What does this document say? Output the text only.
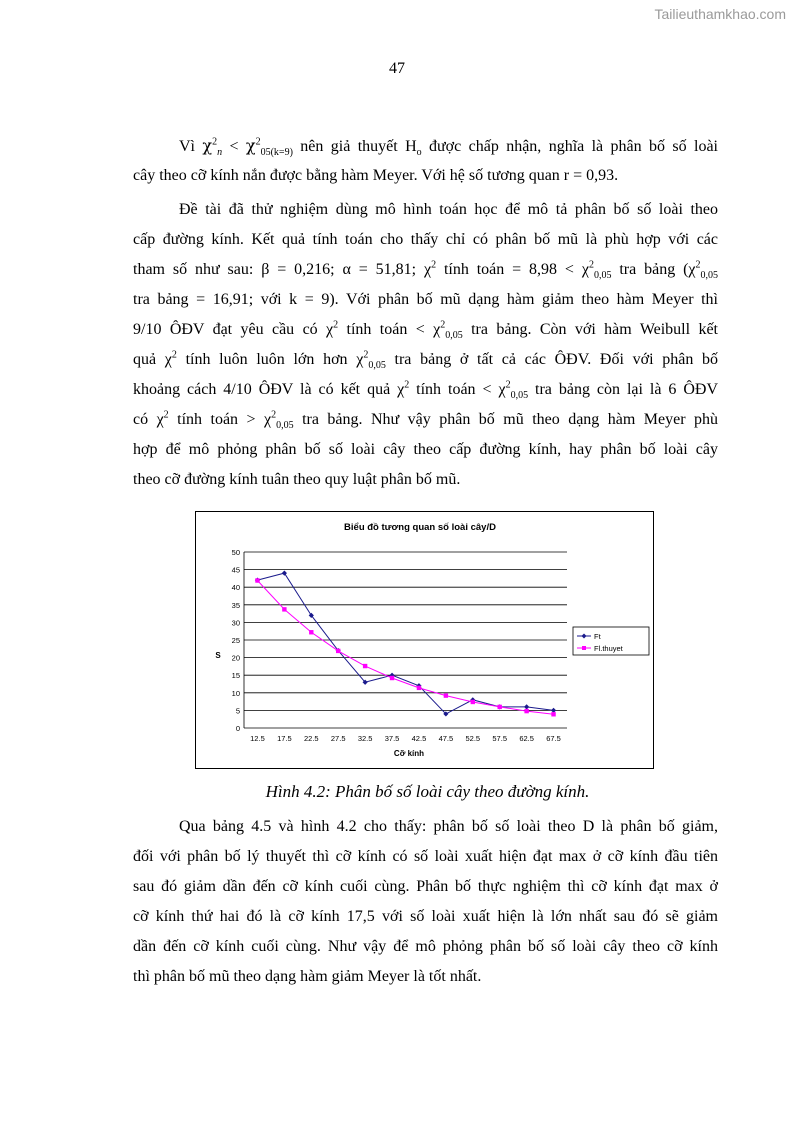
Tailieuthamkhao.com
47
Vì $\chi^2_n < \chi^2_{05(k=9)}$ nên giả thuyết $H_o$ được chấp nhận, nghĩa là phân bố số loài
cây theo cỡ kính nắn được bằng hàm Meyer. Với hệ số tương quan r = 0,93.
Đề tài đã thử nghiệm dùng mô hình toán học để mô tả phân bố số loài theo
cấp đường kính. Kết quả tính toán cho thấy chỉ có phân bố mũ là phù hợp với các
tham số như sau: β = 0,216; α = 51,81; $\chi^2$ tính toán = $8,98 < \chi^2_{0,05}$ tra bảng ($\chi^2_{0,05}$
tra bảng = 16,91; với k = 9). Với phân bố mũ dạng hàm giảm theo hàm Meyer thì
9/10 ÔĐV đạt yêu cầu có $\chi^2$ tính toán < $\chi^2_{0,05}$ tra bảng. Còn với hàm Weibull kết
quả $\chi^2$ tính luôn luôn lớn hơn $\chi^2_{0,05}$ tra bảng ở tất cả các ÔĐV. Đối với phân bố
khoảng cách 4/10 ÔĐV là có kết quả $\chi^2$ tính toán < $\chi^2_{0,05}$ tra bảng còn lại là 6 ÔĐV
có $\chi^2$ tính toán > $\chi^2_{0,05}$ tra bảng. Như vậy phân bố mũ theo dạng hàm Meyer phù
hợp để mô phỏng phân bố số loài cây theo cấp đường kính, hay phân bố loài cây
theo cỡ đường kính tuân theo quy luật phân bố mũ.
Biểu đồ tương quan số loài cây/D
0
5
10
15
20
25
30
35
40
45
50
12.5 17.5 22.5 27.5 32.5 37.5 42.5 47.5 52.5 57.5 62.5 67.5
S
Cỡ kính
Ft
Fl.thuyet
Hình 4.2: Phân bố số loài cây theo đường kính.
Qua bảng 4.5 và hình 4.2 cho thấy: phân bố số loài theo D là phân bố giảm,
đối với phân bố lý thuyết thì cỡ kính có số loài xuất hiện đạt max ở cỡ kính đầu tiên
sau đó giảm dần đến cỡ kính cuối cùng. Phân bố thực nghiệm thì cỡ kính đạt max ở
cỡ kính thứ hai đó là cỡ kính 17,5 với số loài xuất hiện là lớn nhất sau đó sẽ giảm
dần đến cỡ kính cuối cùng. Như vậy để mô phỏng phân bố số loài cây theo cỡ kính
thì phân bố mũ theo dạng hàm giảm Meyer là tốt nhất.
